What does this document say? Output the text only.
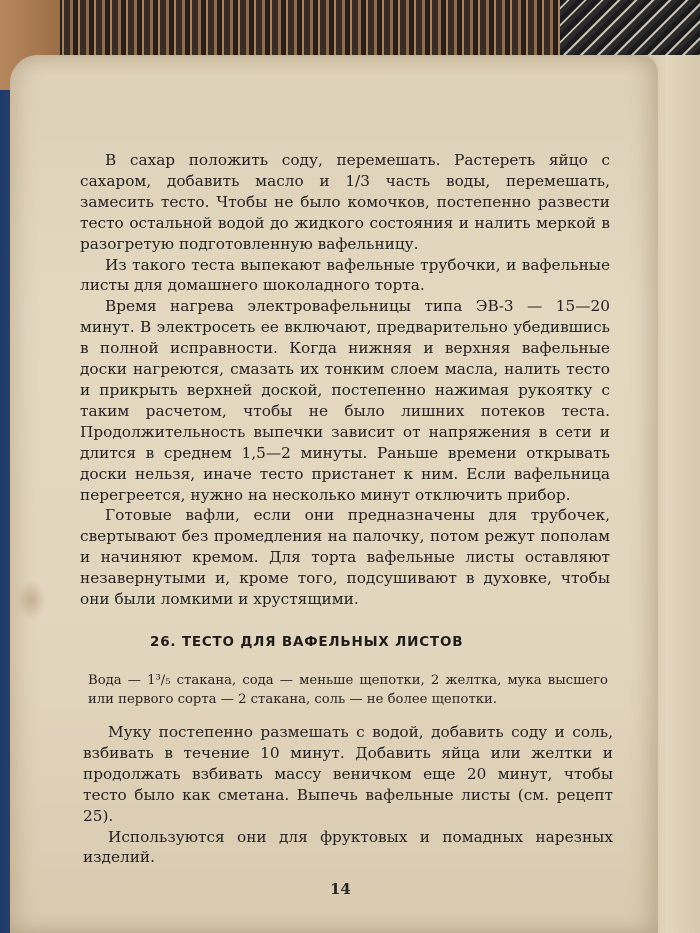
В сахар положить соду, перемешать. Растереть яйцо с сахаром, добавить масло и 1/3 часть воды, перемешать, замесить тесто. Чтобы не было комочков, постепенно развести тесто остальной водой до жидкого состояния и налить меркой в разогретую подготовленную вафельницу.

Из такого теста выпекают вафельные трубочки, и вафельные листы для домашнего шоколадного торта.

Время нагрева электровафельницы типа ЭВ-3 — 15—20 минут. В электросеть ее включают, предварительно убедившись в полной исправности. Когда нижняя и верхняя вафельные доски нагреются, смазать их тонким слоем масла, налить тесто и прикрыть верхней доской, постепенно нажимая рукоятку с таким расчетом, чтобы не было лишних потеков теста. Продолжительность выпечки зависит от напряжения в сети и длится в среднем 1,5—2 минуты. Раньше времени открывать доски нельзя, иначе тесто пристанет к ним. Если вафельница перегреется, нужно на несколько минут отключить прибор.

Готовые вафли, если они предназначены для трубочек, свертывают без промедления на палочку, потом режут пополам и начиняют кремом. Для торта вафельные листы оставляют незавернутыми и, кроме того, подсушивают в духовке, чтобы они были ломкими и хрустящими.

26. ТЕСТО ДЛЯ ВАФЕЛЬНЫХ ЛИСТОВ

Вода — 1³/₅ стакана, сода — меньше щепотки, 2 желтка, мука высшего или первого сорта — 2 стакана, соль — не более щепотки.

Муку постепенно размешать с водой, добавить соду и соль, взбивать в течение 10 минут. Добавить яйца или желтки и продолжать взбивать массу веничком еще 20 минут, чтобы тесто было как сметана. Выпечь вафельные листы (см. рецепт 25).

Используются они для фруктовых и помадных нарезных изделий.

14
